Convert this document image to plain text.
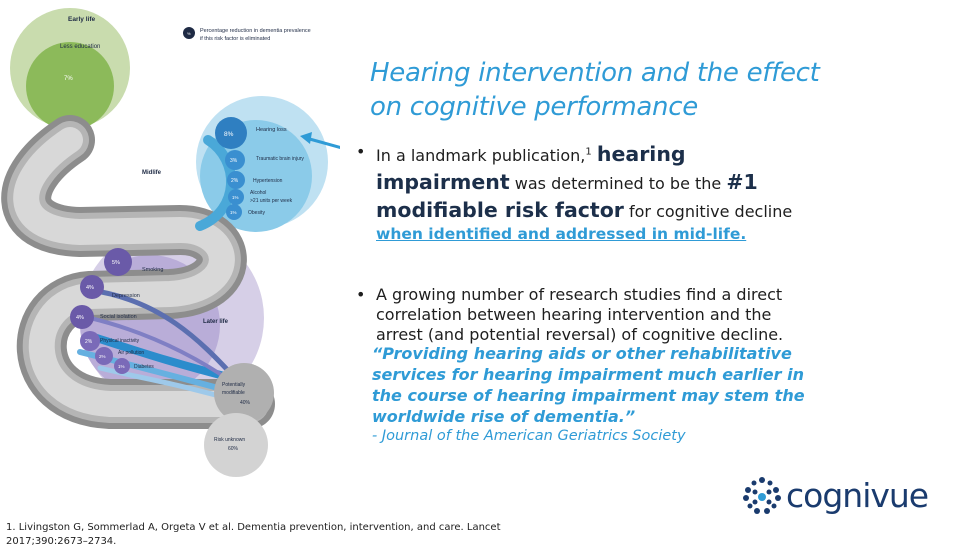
Early life
% Percentage reduction in dementia prevalence
if this risk factor is eliminated
Less education
7%
Midlife
8%
Hearing loss
3%	Traumatic brain injury
2%	Hypertension
1%
Alcohol
>21 units per week
1% Obesity
5%
Smoking
4%
Depression
4%	Social isolation
Later life
2% Physical inactivity
2%
Air pollution
1% Diabetes
Potentially
modifiable
40%
Risk unknown
60%
Hearing intervention and the effect
on cognitive performance
• In a landmark publication,$^1$ hearing impairment was determined to be the #1 modifiable risk factor for cognitive decline when identified and addressed in mid-life.
• A growing number of research studies find a direct correlation between hearing intervention and the arrest (and potential reversal) of cognitive decline.
“Providing hearing aids or other rehabilitative services for hearing impairment much earlier in the course of hearing impairment may stem the worldwide rise of dementia.”
- Journal of the American Geriatrics Society
1. Livingston G, Sommerlad A, Orgeta V et al. Dementia prevention, intervention, and care. Lancet 2017;390:2673–2734.
cognivue
